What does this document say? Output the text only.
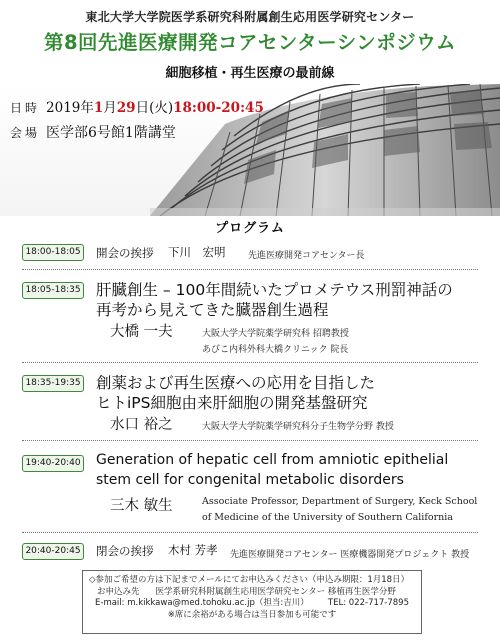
東北大学大学院医学系研究科附属創生応用医学研究センター
第8回先進医療開発コアセンターシンポジウム
細胞移植・再生医療の最前線
日時 2019年1月29日(火)18:00-20:45
会場 医学部6号館1階講堂
プログラム
18:00-18:05 開会の挨拶 下川　宏明	先進医療開発コアセンター長
18:05-18:35 肝臓創生 – 100年間続いたプロメテウス刑罰神話の
再考から見えてきた臓器創生過程
大橋 一夫	大阪大学大学院薬学研究科 招聘教授
あびこ内科外科大橋クリニック 院長
18:35-19:35 創薬および再生医療への応用を目指した
ヒトiPS細胞由来肝細胞の開発基盤研究
水口 裕之	大阪大学大学院薬学研究科分子生物学分野 教授
19:40-20:40 Generation of hepatic cell from amniotic epithelial
stem cell for congenital metabolic disorders
三木 敏生	Associate Professor, Department of Surgery, Keck School
of Medicine of the University of Southern California
20:40-20:45 閉会の挨拶 木村 芳孝 先進医療開発コアセンター 医療機器開発プロジェクト 教授
◇参加ご希望の方は下記までメールにてお申込みください（申込み期限：1月18日）
お申込み先 医学系研究科附属創生応用医学研究センター 移植再生医学分野
E-mail: m.kikkawa@med.tohoku.ac.jp（担当:吉川） TEL: 022-717-7895
※席に余裕がある場合は当日参加も可能です
